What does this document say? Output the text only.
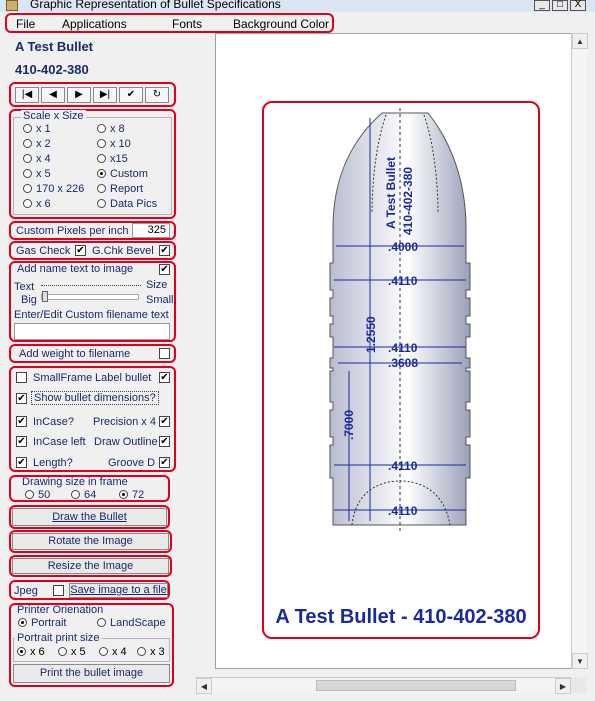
Graphic Representation of Bullet Specifications	_	□	X
File Applications	Fonts	Background Color
A Test Bullet
410-402-380
|◀	◀	▶	▶|	✔	↻
Scale x Size
x 1	x 8
x 2	x 10
x 4	x15
x 5	Custom
170 x 226	Report
x 6	Data Pics
Custom Pixels per inch	325
Gas Check ✔ G.Chk Bevel ✔
Add name text to image	✔
Text	Size
Big	Small
Enter/Edit Custom filename text
Add weight to filename
SmallFrame Label bullet ✔
✔ Show bullet dimensions?
✔ InCase? Precision x 4 ✔
✔ InCase left Draw Outline ✔
✔ Length?	Groove D ✔
Drawing size in frame
50	64	72
Draw the Bullet
Rotate the Image
Resize the Image
Jpeg	Save image to a file
Printer Orienation
Portrait	LandScape
Portrait print size
x 6	x 5	x 4	x 3
Print the bullet image
.4000
.4110
.4110
.3608
.4110
.4110
1.2550
.7000
A Test Bullet 410-402-380
A Test Bullet - 410-402-380
▲
▼
◀	▶
